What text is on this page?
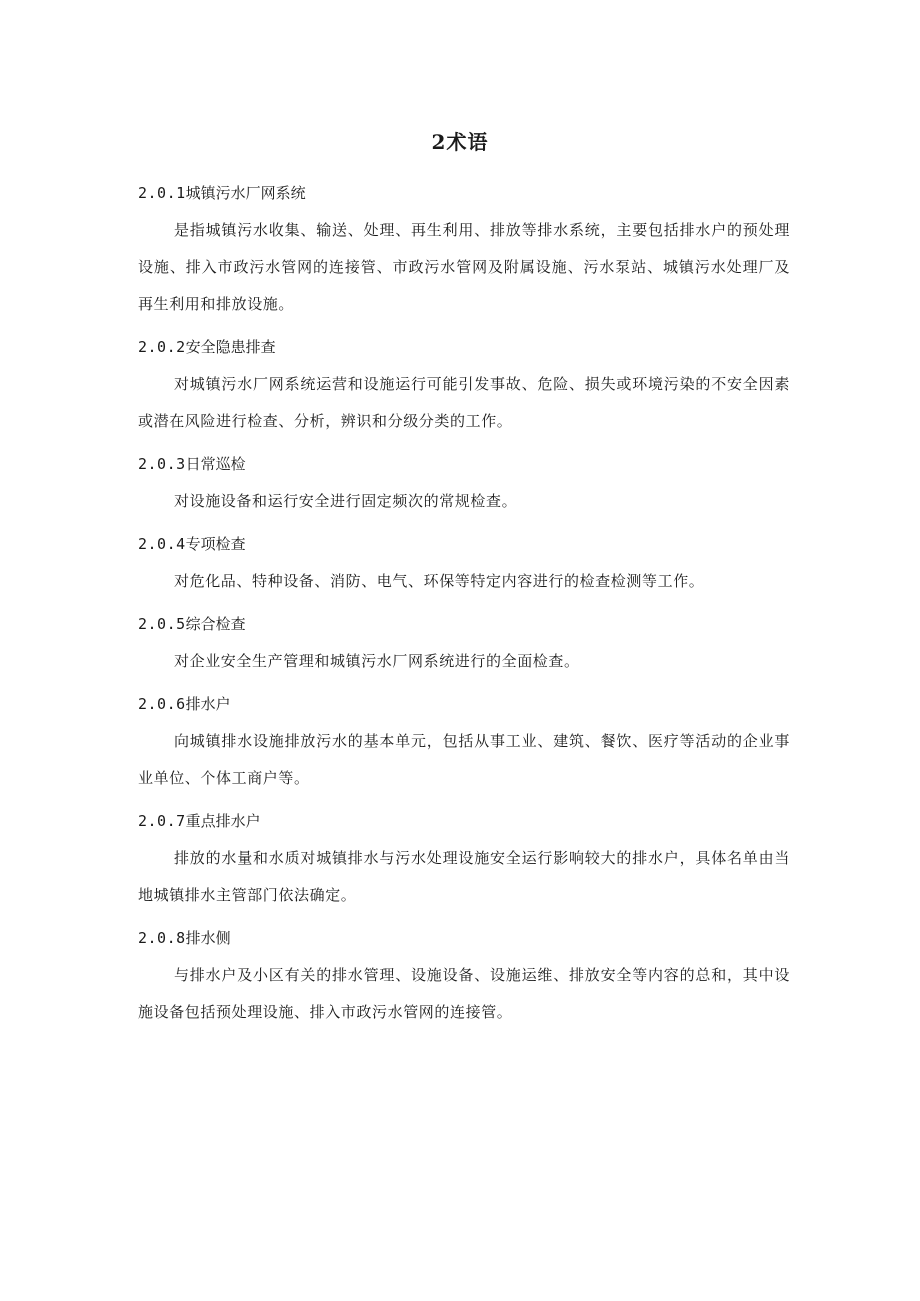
2术语
2.0.1城镇污水厂网系统
是指城镇污水收集、输送、处理、再生利用、排放等排水系统，主要包括排水户的预处理设施、排入市政污水管网的连接管、市政污水管网及附属设施、污水泵站、城镇污水处理厂及再生利用和排放设施。
2.0.2安全隐患排查
对城镇污水厂网系统运营和设施运行可能引发事故、危险、损失或环境污染的不安全因素或潜在风险进行检查、分析，辨识和分级分类的工作。
2.0.3日常巡检
对设施设备和运行安全进行固定频次的常规检查。
2.0.4专项检查
对危化品、特种设备、消防、电气、环保等特定内容进行的检查检测等工作。
2.0.5综合检查
对企业安全生产管理和城镇污水厂网系统进行的全面检查。
2.0.6排水户
向城镇排水设施排放污水的基本单元，包括从事工业、建筑、餐饮、医疗等活动的企业事业单位、个体工商户等。
2.0.7重点排水户
排放的水量和水质对城镇排水与污水处理设施安全运行影响较大的排水户，具体名单由当地城镇排水主管部门依法确定。
2.0.8排水侧
与排水户及小区有关的排水管理、设施设备、设施运维、排放安全等内容的总和，其中设施设备包括预处理设施、排入市政污水管网的连接管。
